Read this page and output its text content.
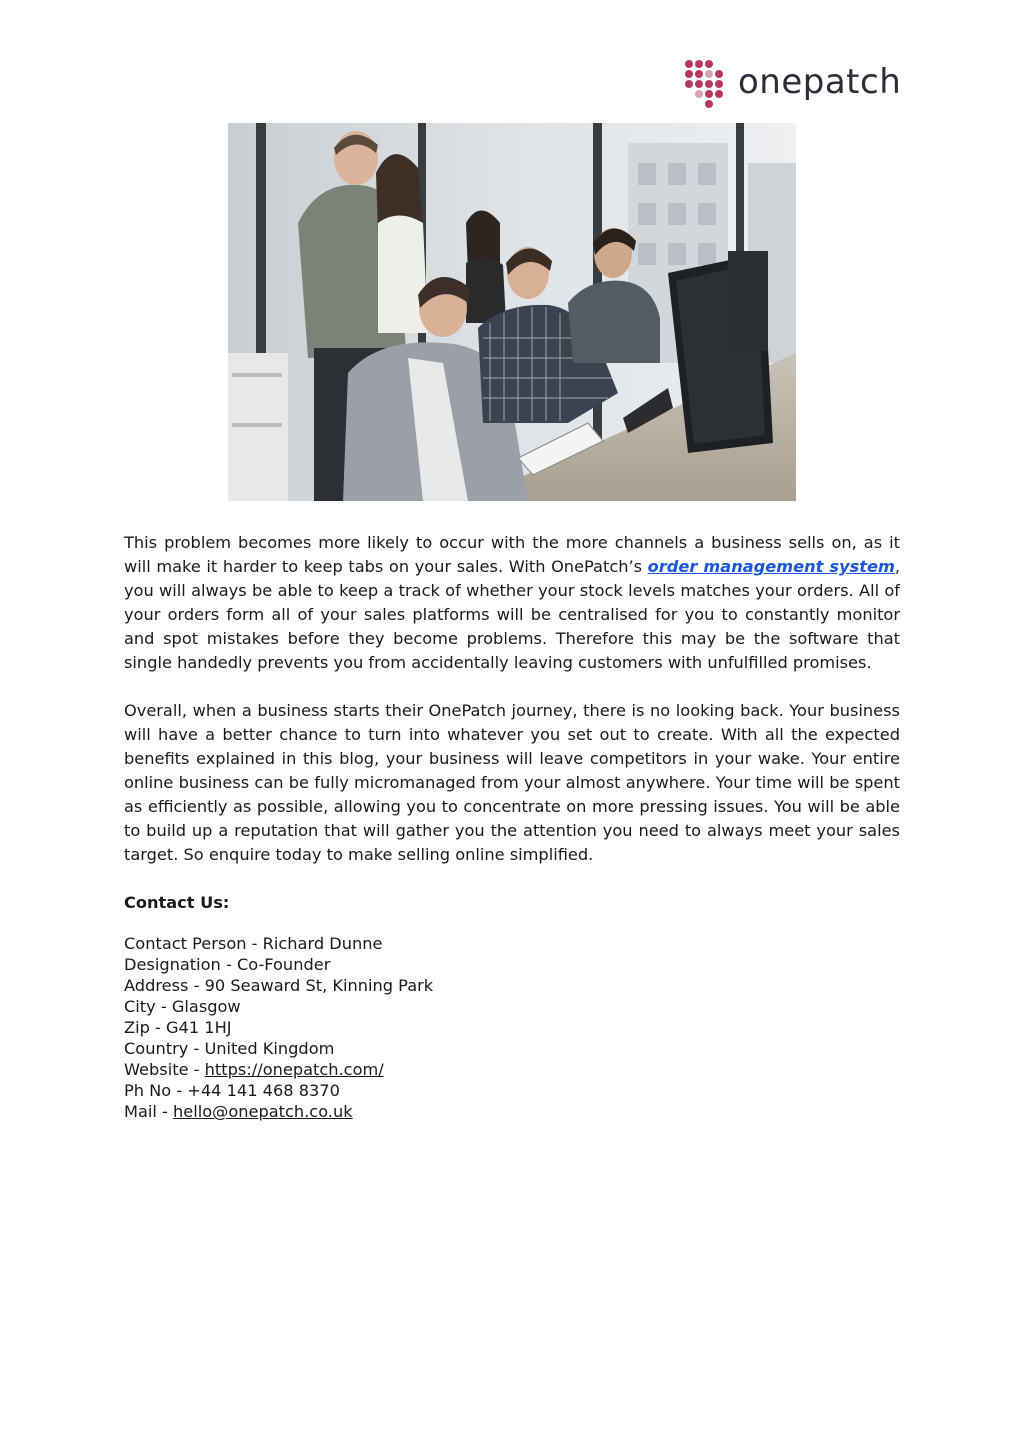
onepatch

This problem becomes more likely to occur with the more channels a business sells on, as it will make it harder to keep tabs on your sales. With OnePatch’s order management system, you will always be able to keep a track of whether your stock levels matches your orders. All of your orders form all of your sales platforms will be centralised for you to constantly monitor and spot mistakes before they become problems. Therefore this may be the software that single handedly prevents you from accidentally leaving customers with unfulfilled promises.

Overall, when a business starts their OnePatch journey, there is no looking back. Your business will have a better chance to turn into whatever you set out to create. With all the expected benefits explained in this blog, your business will leave competitors in your wake. Your entire online business can be fully micromanaged from your almost anywhere. Your time will be spent as efficiently as possible, allowing you to concentrate on more pressing issues. You will be able to build up a reputation that will gather you the attention you need to always meet your sales target. So enquire today to make selling online simplified.

Contact Us:
Contact Person - Richard Dunne
Designation - Co-Founder
Address - 90 Seaward St, Kinning Park
City - Glasgow
Zip - G41 1HJ
Country - United Kingdom
Website - https://onepatch.com/
Ph No - +44 141 468 8370
Mail - hello@onepatch.co.uk
